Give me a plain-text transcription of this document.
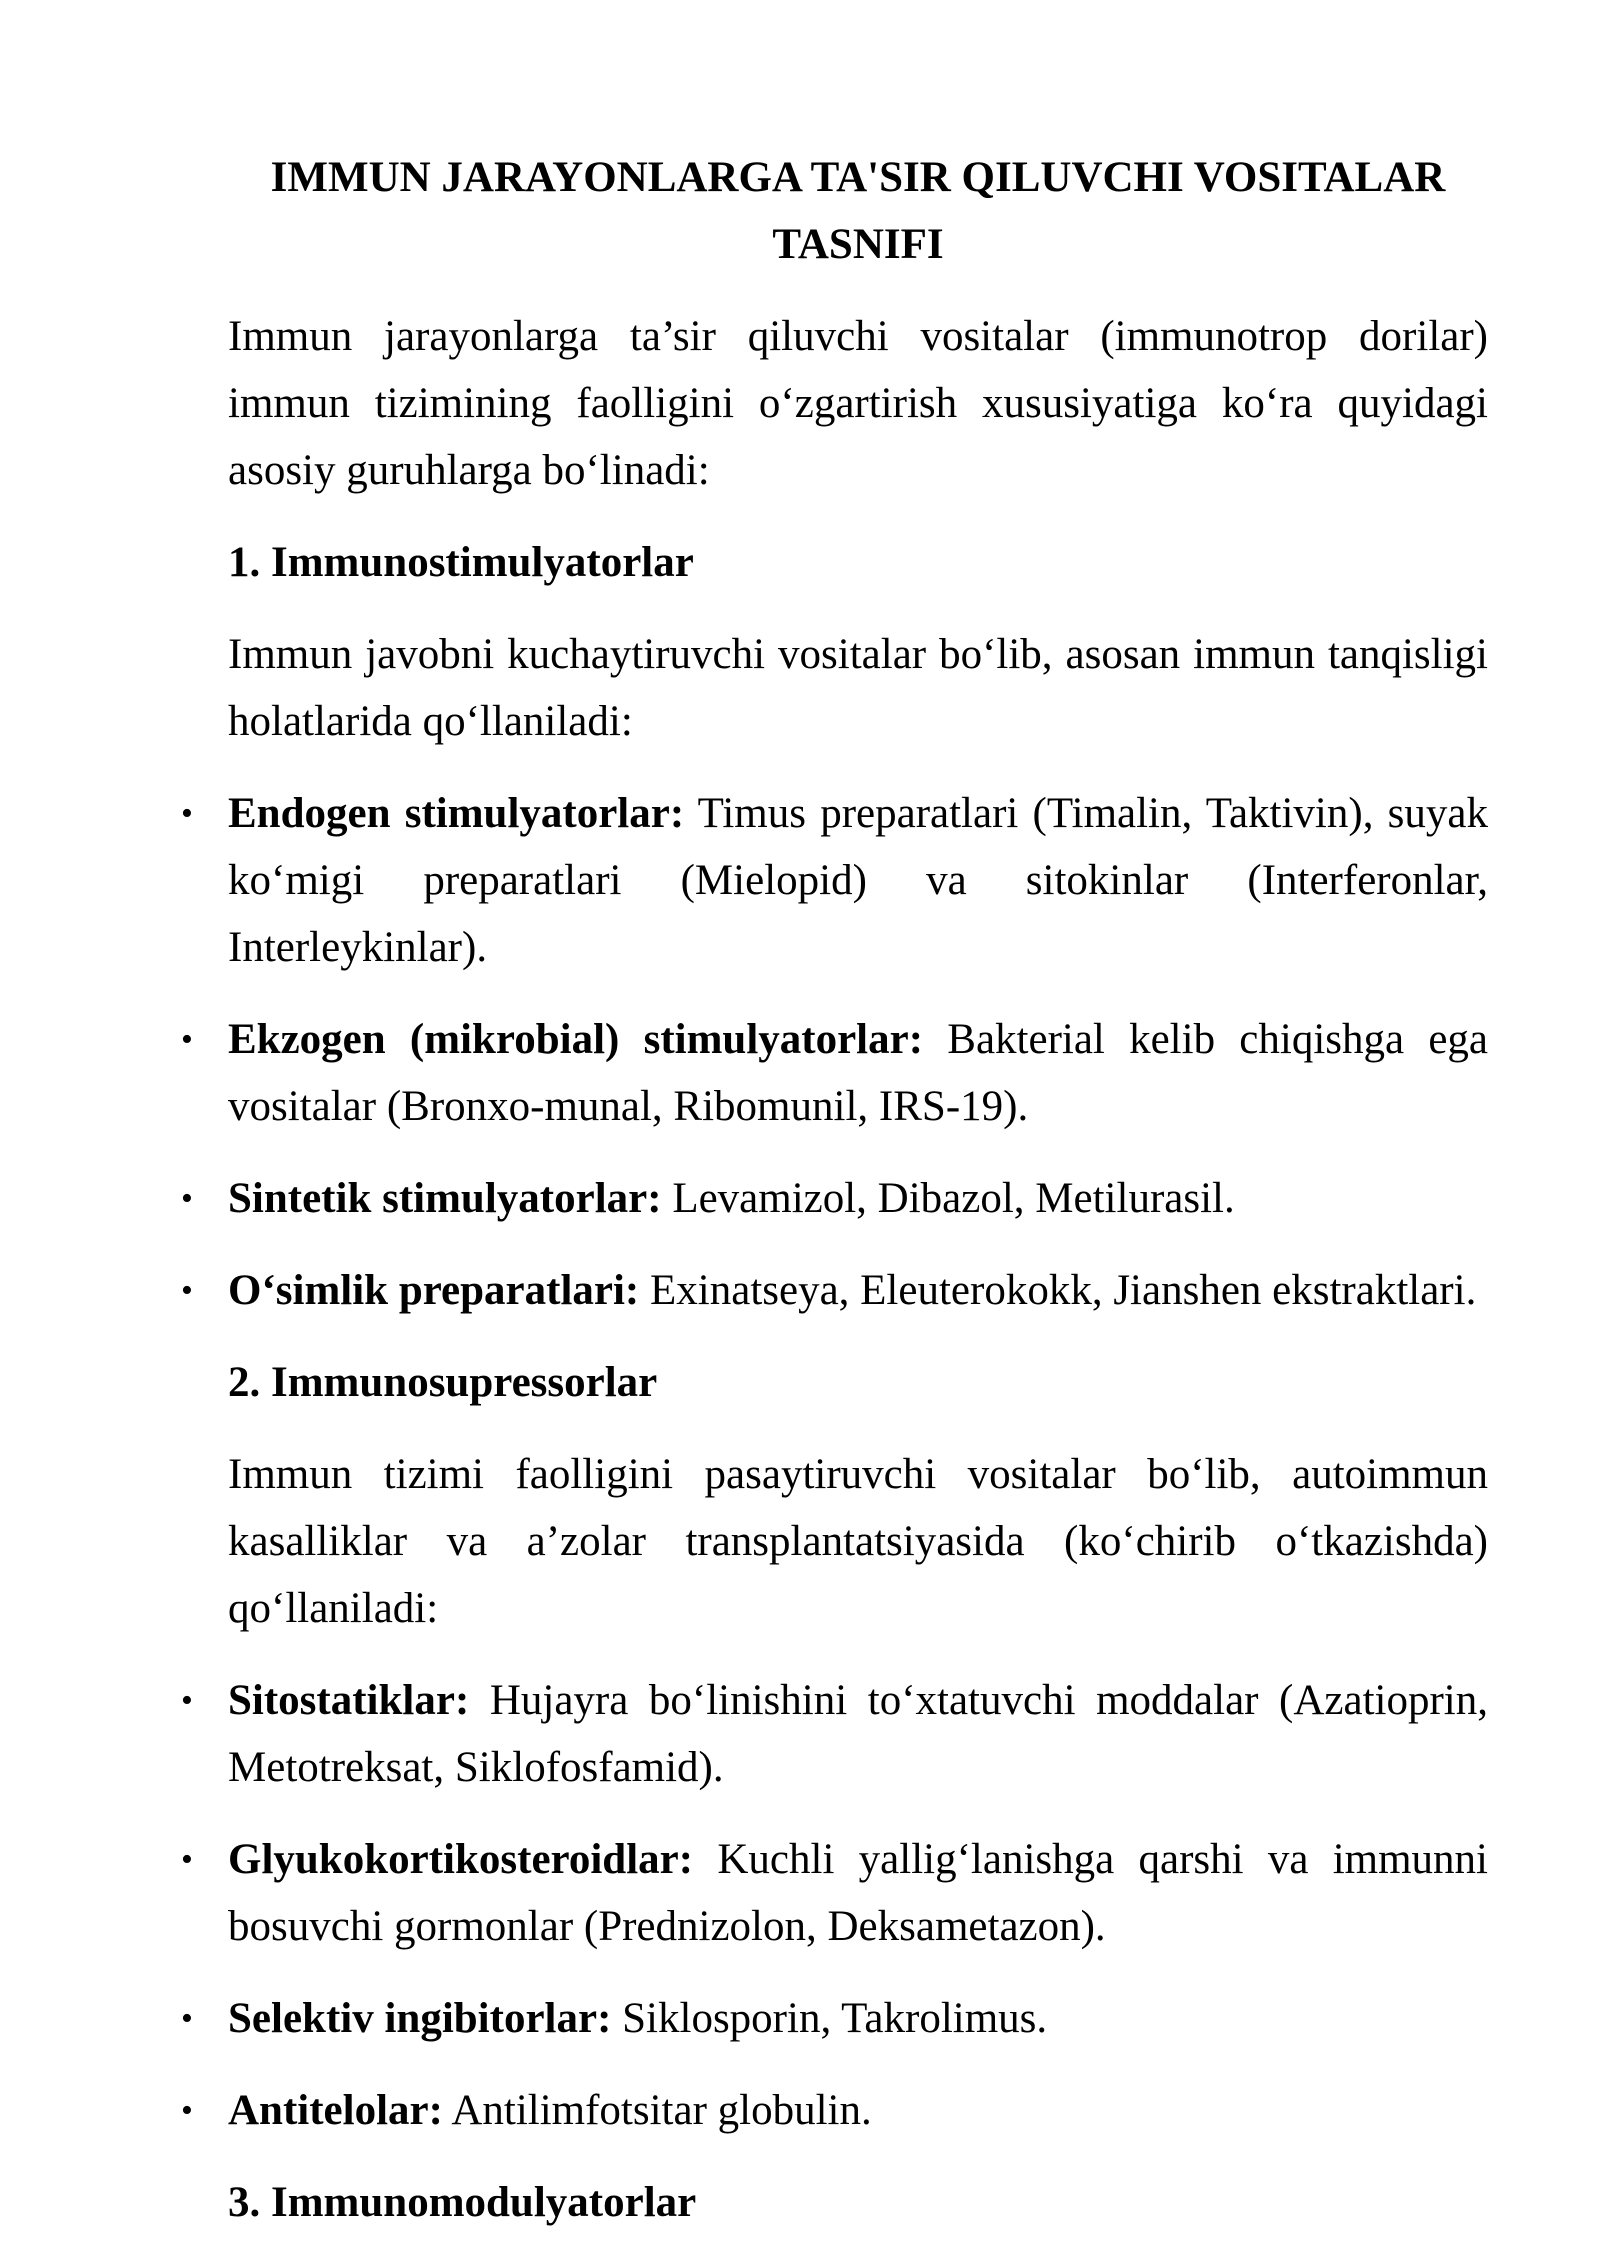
IMMUN JARAYONLARGA TA'SIR QILUVCHI VOSITALAR
TASNIFI

Immun jarayonlarga ta’sir qiluvchi vositalar (immunotrop dorilar) immun tizimining faolligini o‘zgartirish xususiyatiga ko‘ra quyidagi asosiy guruhlarga bo‘linadi:

1. Immunostimulyatorlar

Immun javobni kuchaytiruvchi vositalar bo‘lib, asosan immun tanqisligi holatlarida qo‘llaniladi:

• Endogen stimulyatorlar: Timus preparatlari (Timalin, Taktivin), suyak ko‘migi preparatlari (Mielopid) va sitokinlar (Interferonlar, Interleykinlar).
• Ekzogen (mikrobial) stimulyatorlar: Bakterial kelib chiqishga ega vositalar (Bronxo-munal, Ribomunil, IRS-19).
• Sintetik stimulyatorlar: Levamizol, Dibazol, Metilurasil.
• O‘simlik preparatlari: Exinatseya, Eleuterokokk, Jianshen ekstraktlari.

2. Immunosupressorlar

Immun tizimi faolligini pasaytiruvchi vositalar bo‘lib, autoimmun kasalliklar va a’zolar transplantatsiyasida (ko‘chirib o‘tkazishda) qo‘llaniladi:

• Sitostatiklar: Hujayra bo‘linishini to‘xtatuvchi moddalar (Azatioprin, Metotreksat, Siklofosfamid).
• Glyukokortikosteroidlar: Kuchli yallig‘lanishga qarshi va immunni bosuvchi gormonlar (Prednizolon, Deksametazon).
• Selektiv ingibitorlar: Siklosporin, Takrolimus.
• Antitelolar: Antilimfotsitar globulin.

3. Immunomodulyatorlar
